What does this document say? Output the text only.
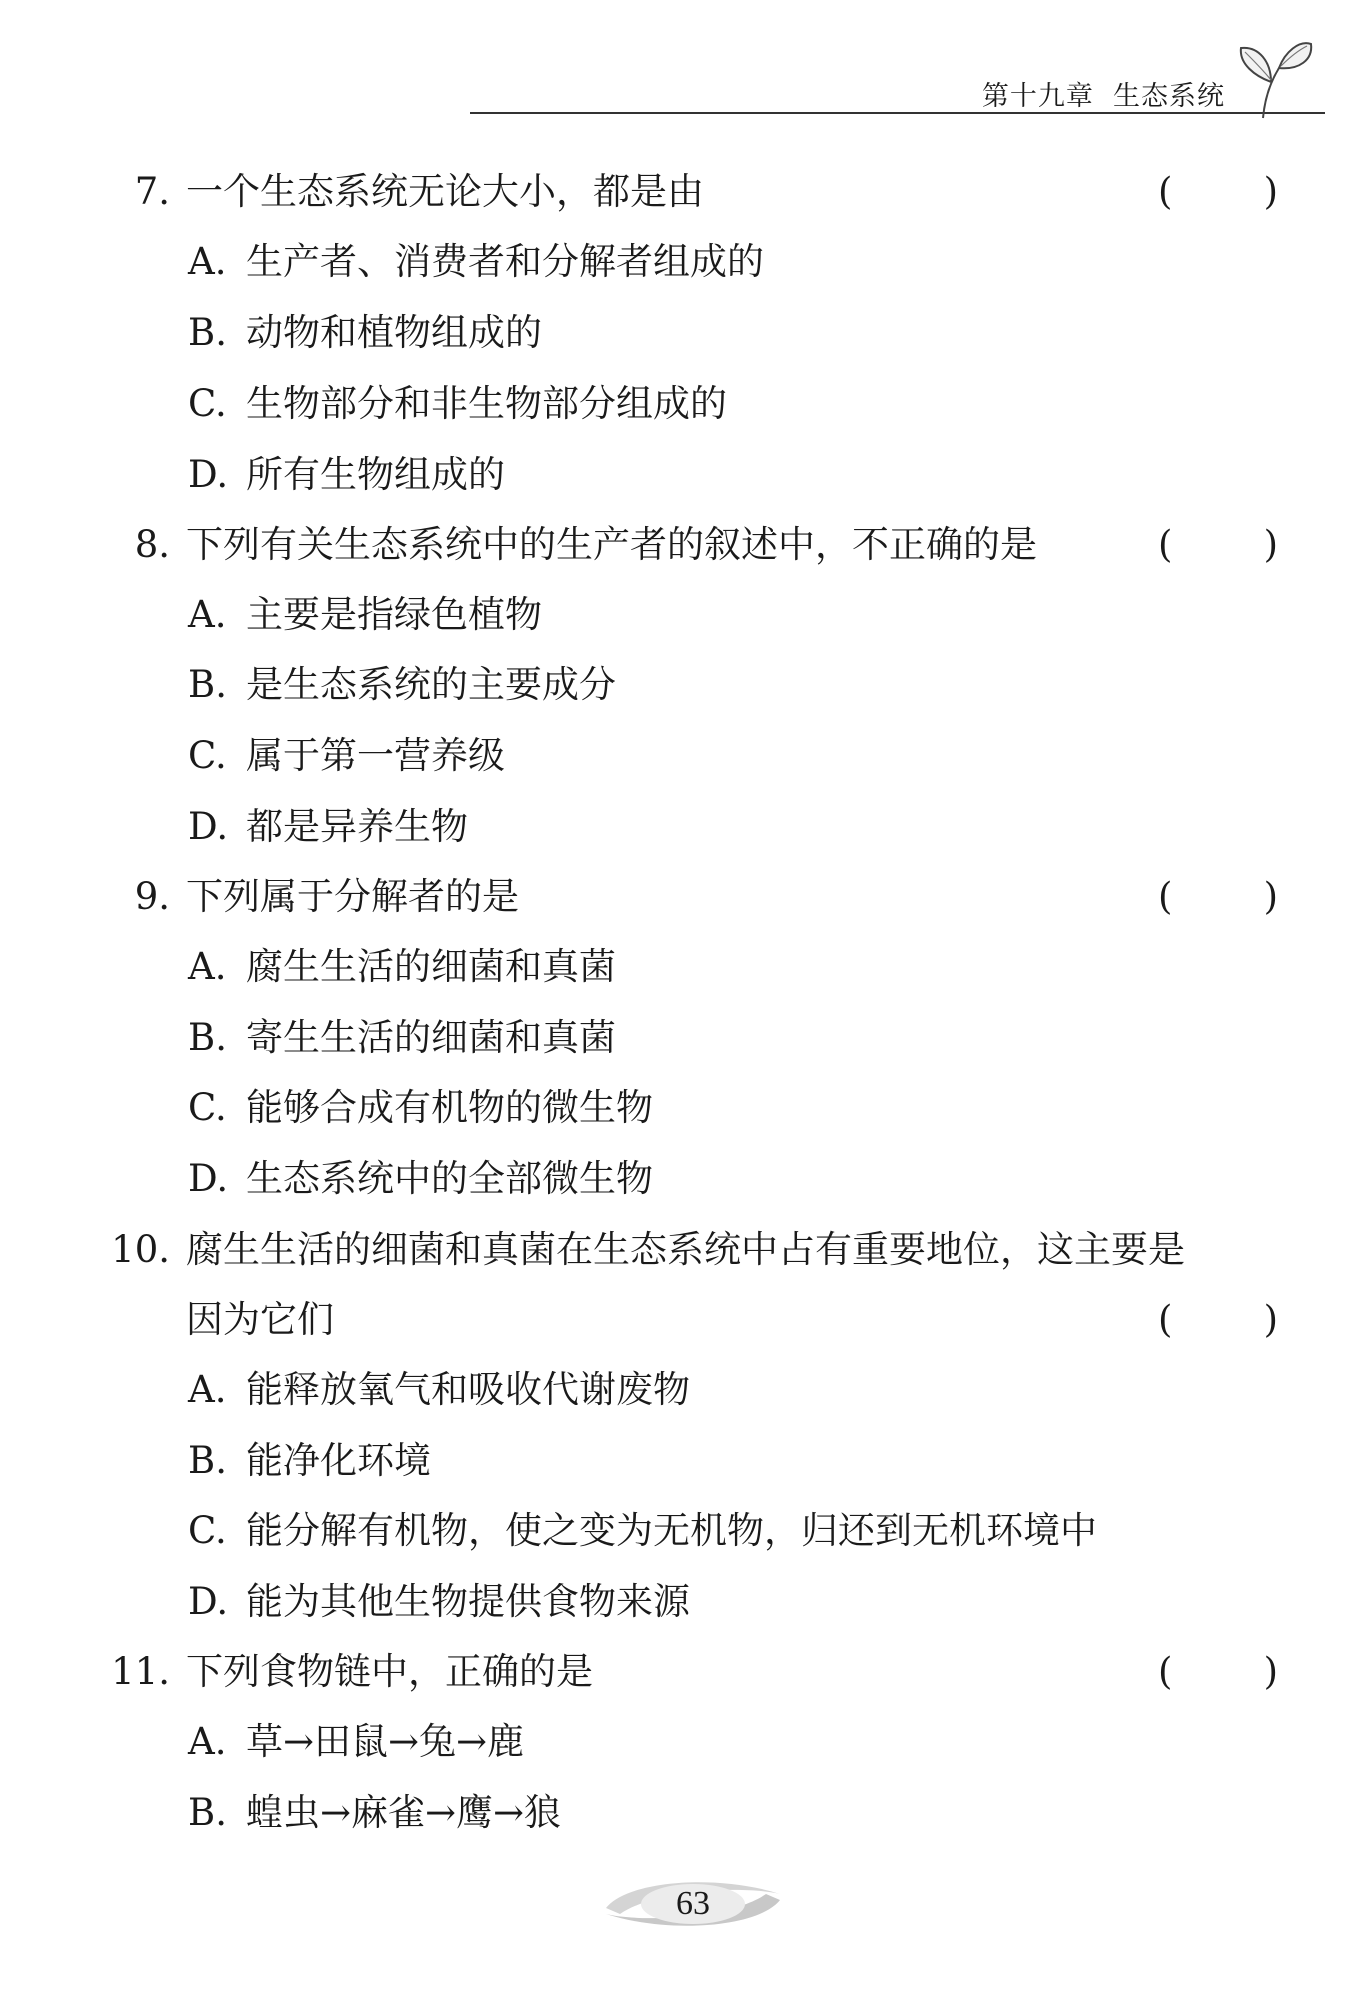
第十九章 生态系统
7. 一个生态系统无论大小，都是由	( )
A. 生产者、消费者和分解者组成的
B. 动物和植物组成的
C. 生物部分和非生物部分组成的
D. 所有生物组成的
8. 下列有关生态系统中的生产者的叙述中，不正确的是	( )
A. 主要是指绿色植物
B. 是生态系统的主要成分
C. 属于第一营养级
D. 都是异养生物
9. 下列属于分解者的是	( )
A. 腐生生活的细菌和真菌
B. 寄生生活的细菌和真菌
C. 能够合成有机物的微生物
D. 生态系统中的全部微生物
10. 腐生生活的细菌和真菌在生态系统中占有重要地位，这主要是
因为它们	( )
A. 能释放氧气和吸收代谢废物
B. 能净化环境
C. 能分解有机物，使之变为无机物，归还到无机环境中
D. 能为其他生物提供食物来源
11. 下列食物链中，正确的是	( )
A. 草→田鼠→兔→鹿
B. 蝗虫→麻雀→鹰→狼
63
